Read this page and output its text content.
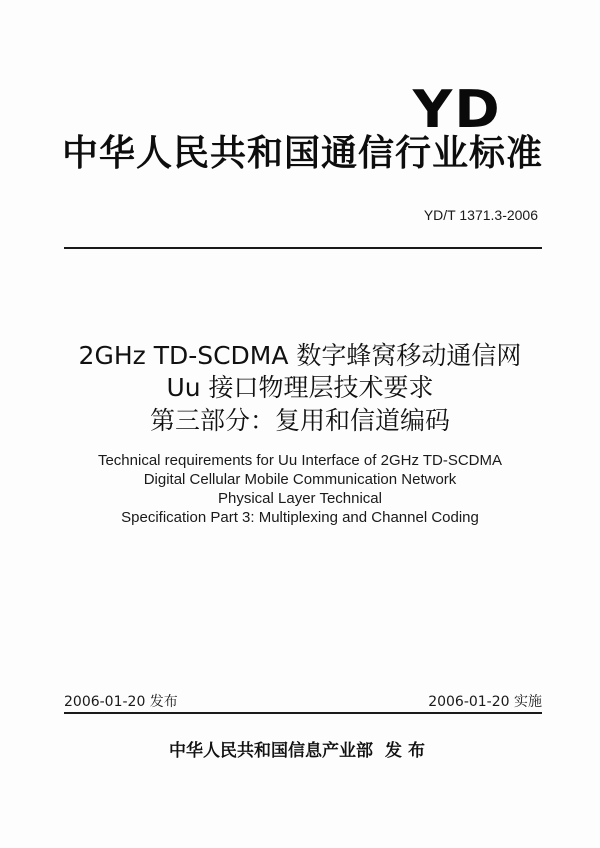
YD
中华人民共和国通信行业标准
YD/T 1371.3-2006
2GHz TD-SCDMA 数字蜂窝移动通信网
Uu 接口物理层技术要求
第三部分：复用和信道编码
Technical requirements for Uu Interface of 2GHz TD-SCDMA
Digital Cellular Mobile Communication Network
Physical Layer Technical
Specification Part 3: Multiplexing and Channel Coding
2006-01-20 发布	2006-01-20 实施
中华人民共和国信息产业部 发布
